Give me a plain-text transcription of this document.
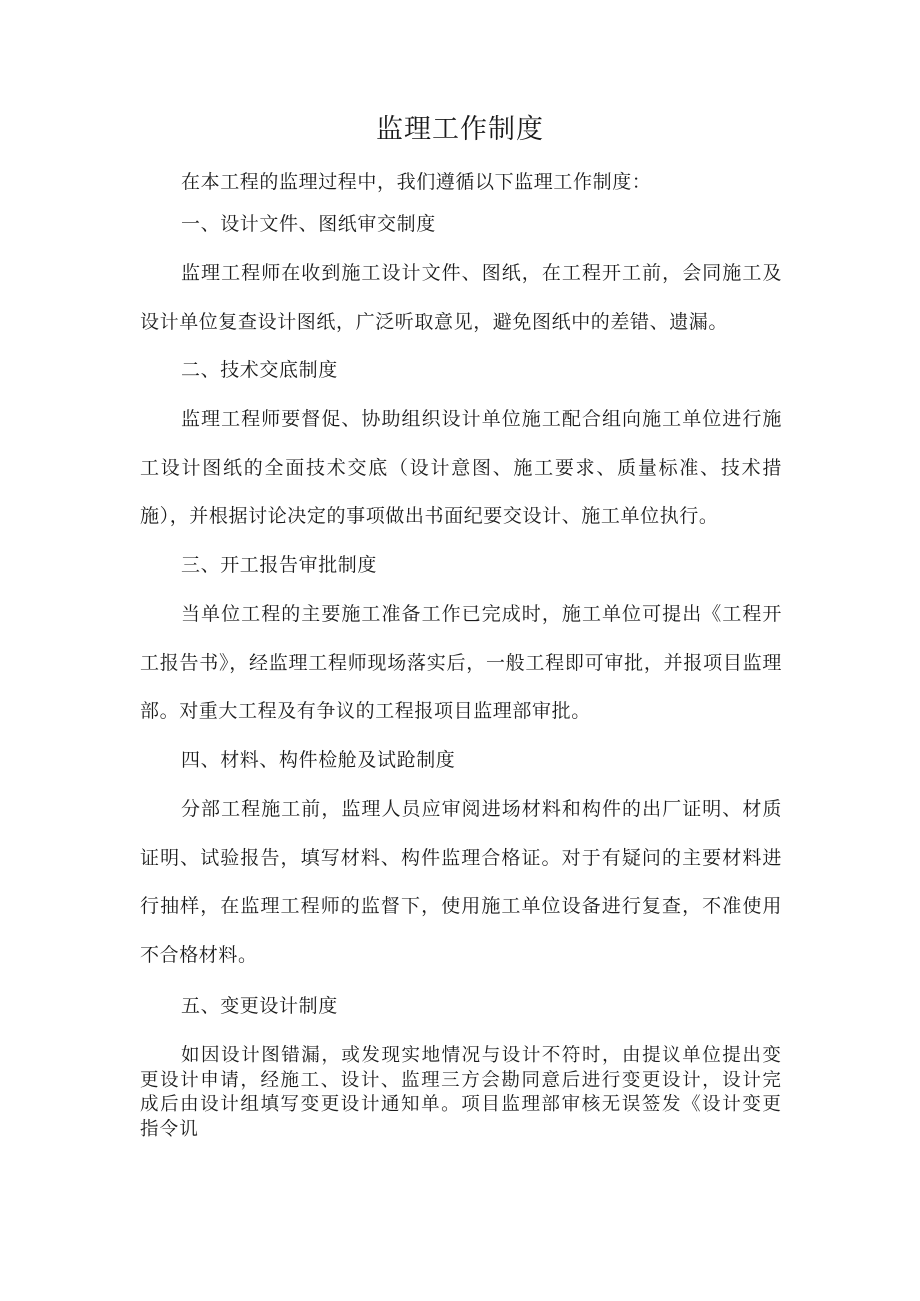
监理工作制度

在本工程的监理过程中，我们遵循以下监理工作制度：

一、设计文件、图纸审交制度

监理工程师在收到施工设计文件、图纸，在工程开工前，会同施工及设计单位复查设计图纸，广泛听取意见，避免图纸中的差错、遗漏。

二、技术交底制度

监理工程师要督促、协助组织设计单位施工配合组向施工单位进行施工设计图纸的全面技术交底（设计意图、施工要求、质量标准、技术措施），并根据讨论决定的事项做出书面纪要交设计、施工单位执行。

三、开工报告审批制度

当单位工程的主要施工准备工作已完成时，施工单位可提出《工程开工报告书》，经监理工程师现场落实后，一般工程即可审批，并报项目监理部。对重大工程及有争议的工程报项目监理部审批。

四、材料、构件检舱及试跄制度

分部工程施工前，监理人员应审阅进场材料和构件的出厂证明、材质证明、试验报告，填写材料、构件监理合格证。对于有疑问的主要材料进行抽样，在监理工程师的监督下，使用施工单位设备进行复查，不准使用不合格材料。

五、变更设计制度

如因设计图错漏，或发现实地情况与设计不符时，由提议单位提出变更设计申请，经施工、设计、监理三方会勘同意后进行变更设计，设计完成后由设计组填写变更设计通知单。项目监理部审核无误签发《设计变更指令讥
